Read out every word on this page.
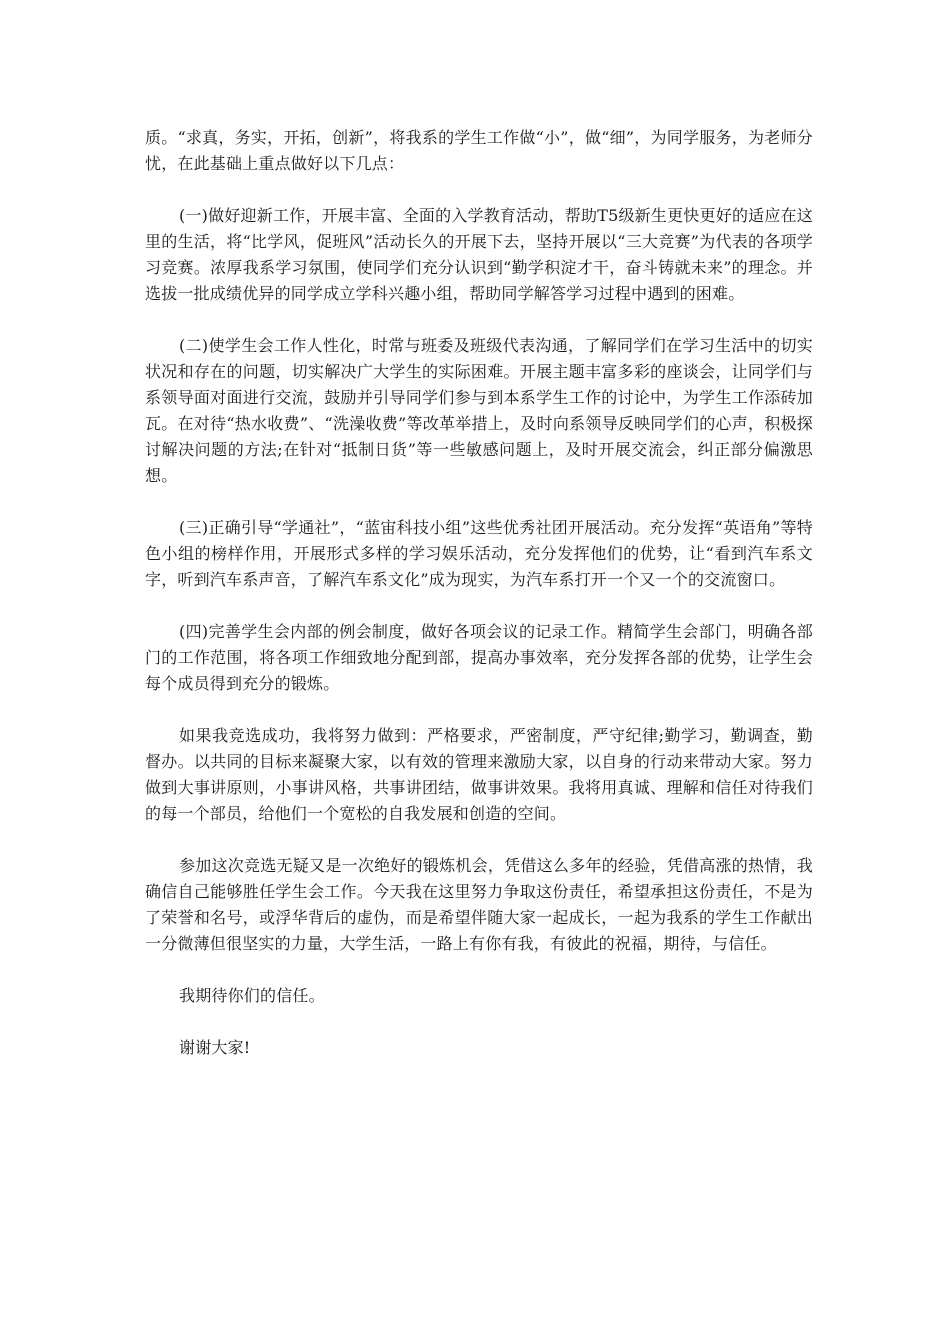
质。“求真，务实，开拓，创新”，将我系的学生工作做“小”，做“细”，为同学服务，为老师分忧，在此基础上重点做好以下几点：

(一)做好迎新工作，开展丰富、全面的入学教育活动，帮助T5级新生更快更好的适应在这里的生活，将“比学风，促班风”活动长久的开展下去，坚持开展以“三大竞赛”为代表的各项学习竞赛。浓厚我系学习氛围，使同学们充分认识到“勤学积淀才干，奋斗铸就未来”的理念。并选拔一批成绩优异的同学成立学科兴趣小组，帮助同学解答学习过程中遇到的困难。

(二)使学生会工作人性化，时常与班委及班级代表沟通，了解同学们在学习生活中的切实状况和存在的问题，切实解决广大学生的实际困难。开展主题丰富多彩的座谈会，让同学们与系领导面对面进行交流，鼓励并引导同学们参与到本系学生工作的讨论中，为学生工作添砖加瓦。在对待“热水收费”、“洗澡收费”等改革举措上，及时向系领导反映同学们的心声，积极探讨解决问题的方法;在针对“抵制日货”等一些敏感问题上，及时开展交流会，纠正部分偏激思想。

(三)正确引导“学通社”，“蓝宙科技小组”这些优秀社团开展活动。充分发挥“英语角”等特色小组的榜样作用，开展形式多样的学习娱乐活动，充分发挥他们的优势，让“看到汽车系文字，听到汽车系声音，了解汽车系文化”成为现实，为汽车系打开一个又一个的交流窗口。

(四)完善学生会内部的例会制度，做好各项会议的记录工作。精简学生会部门，明确各部门的工作范围，将各项工作细致地分配到部，提高办事效率，充分发挥各部的优势，让学生会每个成员得到充分的锻炼。

如果我竞选成功，我将努力做到：严格要求，严密制度，严守纪律;勤学习，勤调查，勤督办。以共同的目标来凝聚大家，以有效的管理来激励大家，以自身的行动来带动大家。努力做到大事讲原则，小事讲风格，共事讲团结，做事讲效果。我将用真诚、理解和信任对待我们的每一个部员，给他们一个宽松的自我发展和创造的空间。

参加这次竞选无疑又是一次绝好的锻炼机会，凭借这么多年的经验，凭借高涨的热情，我确信自己能够胜任学生会工作。今天我在这里努力争取这份责任，希望承担这份责任，不是为了荣誉和名号，或浮华背后的虚伪，而是希望伴随大家一起成长，一起为我系的学生工作献出一分微薄但很坚实的力量，大学生活，一路上有你有我，有彼此的祝福，期待，与信任。

我期待你们的信任。

谢谢大家!
